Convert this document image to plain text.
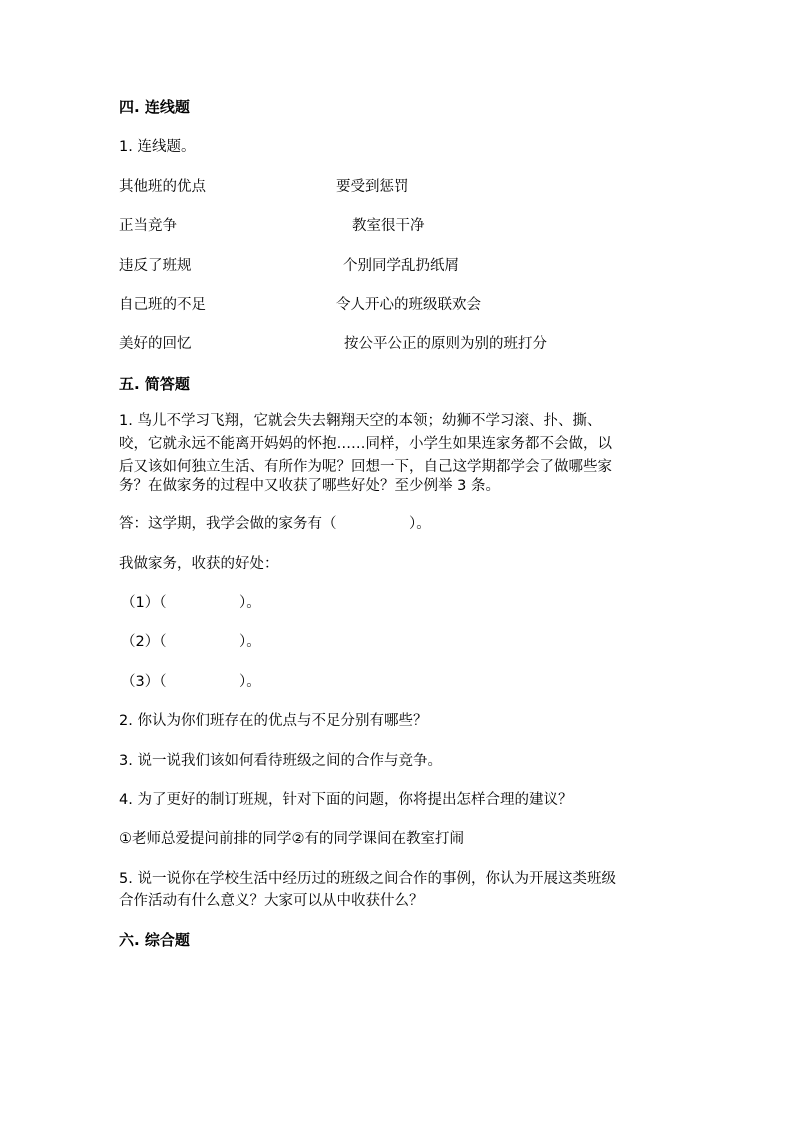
四. 连线题
1. 连线题。
其他班的优点	要受到惩罚
正当竞争	教室很干净
违反了班规	个别同学乱扔纸屑
自己班的不足	令人开心的班级联欢会
美好的回忆	按公平公正的原则为别的班打分
五. 简答题
1. 鸟儿不学习飞翔，它就会失去翱翔天空的本领；幼狮不学习滚、扑、撕、
咬，它就永远不能离开妈妈的怀抱……同样，小学生如果连家务都不会做，以
后又该如何独立生活、有所作为呢？回想一下，自己这学期都学会了做哪些家
务？在做家务的过程中又收获了哪些好处？至少例举 3 条。
答：这学期，我学会做的家务有（　　　　　）。
我做家务，收获的好处：
（1）（　　　　　）。
（2）（　　　　　）。
（3）（　　　　　）。
2. 你认为你们班存在的优点与不足分别有哪些？
3. 说一说我们该如何看待班级之间的合作与竞争。
4. 为了更好的制订班规，针对下面的问题，你将提出怎样合理的建议？
①老师总爱提问前排的同学②有的同学课间在教室打闹
5. 说一说你在学校生活中经历过的班级之间合作的事例，你认为开展这类班级
合作活动有什么意义？大家可以从中收获什么？
六. 综合题
